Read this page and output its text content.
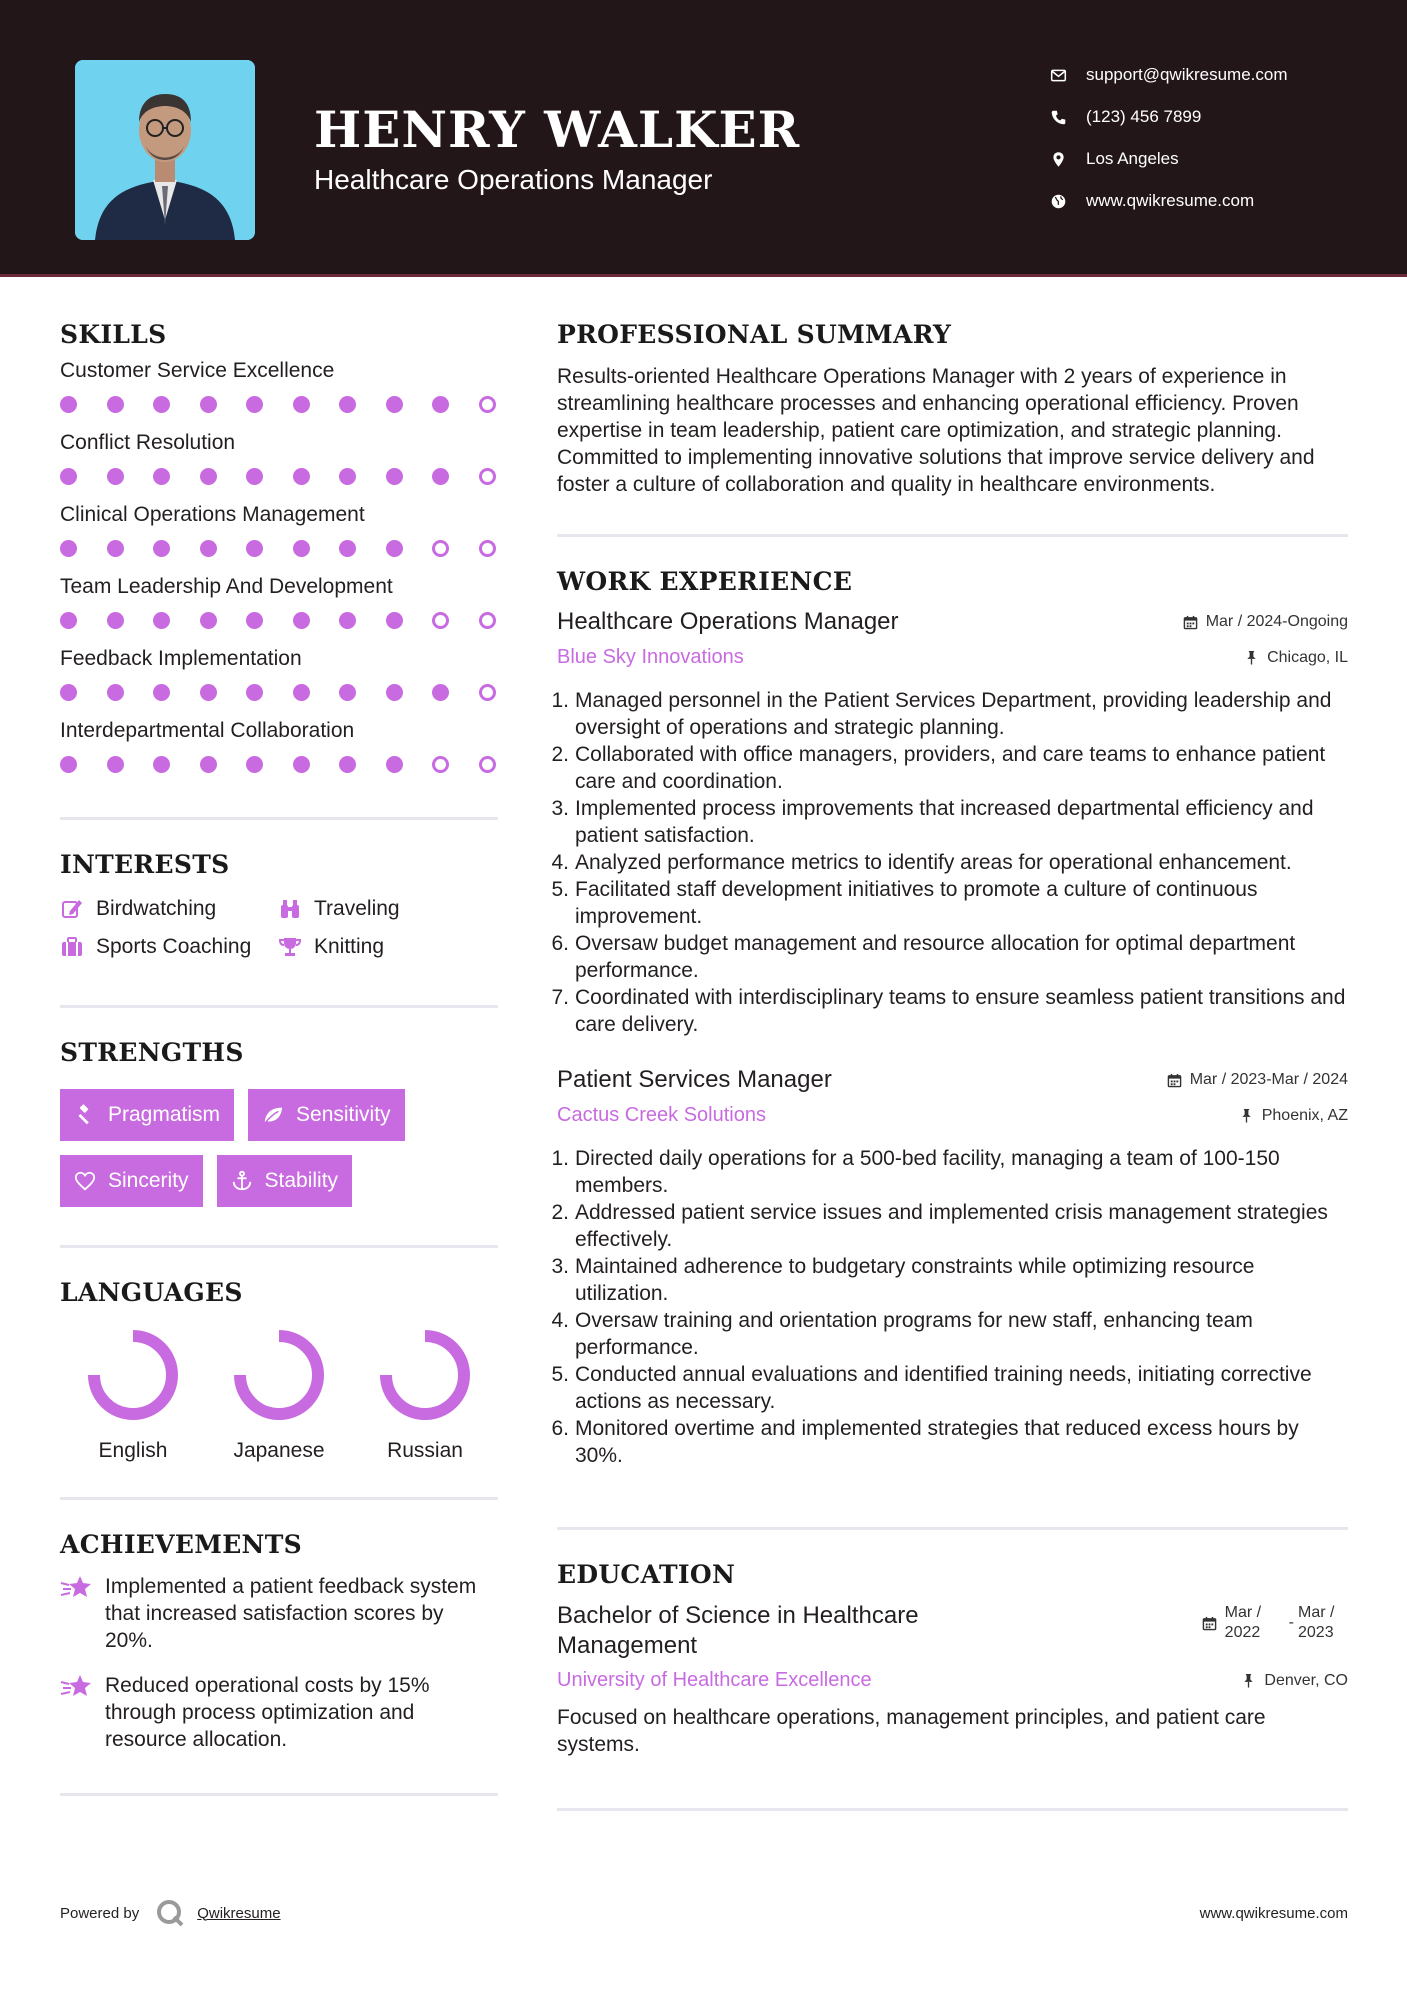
HENRY WALKER
Healthcare Operations Manager
support@qwikresume.com
(123) 456 7899
Los Angeles
www.qwikresume.com
SKILLS
Customer Service Excellence
Conflict Resolution
Clinical Operations Management
Team Leadership And Development
Feedback Implementation
Interdepartmental Collaboration
INTERESTS
Birdwatching	Traveling
Sports Coaching	Knitting
STRENGTHS
Pragmatism	Sensitivity
Sincerity	Stability
LANGUAGES
English	Japanese	Russian
ACHIEVEMENTS
Implemented a patient feedback system that increased satisfaction scores by 20%.
Reduced operational costs by 15% through process optimization and resource allocation.
PROFESSIONAL SUMMARY
Results-oriented Healthcare Operations Manager with 2 years of experience in streamlining healthcare processes and enhancing operational efficiency. Proven expertise in team leadership, patient care optimization, and strategic planning. Committed to implementing innovative solutions that improve service delivery and foster a culture of collaboration and quality in healthcare environments.
WORK EXPERIENCE
Healthcare Operations Manager	Mar / 2024-Ongoing
Blue Sky Innovations	Chicago, IL
1. Managed personnel in the Patient Services Department, providing leadership and oversight of operations and strategic planning.
2. Collaborated with office managers, providers, and care teams to enhance patient care and coordination.
3. Implemented process improvements that increased departmental efficiency and patient satisfaction.
4. Analyzed performance metrics to identify areas for operational enhancement.
5. Facilitated staff development initiatives to promote a culture of continuous improvement.
6. Oversaw budget management and resource allocation for optimal department performance.
7. Coordinated with interdisciplinary teams to ensure seamless patient transitions and care delivery.
Patient Services Manager	Mar / 2023-Mar / 2024
Cactus Creek Solutions	Phoenix, AZ
1. Directed daily operations for a 500-bed facility, managing a team of 100-150 members.
2. Addressed patient service issues and implemented crisis management strategies effectively.
3. Maintained adherence to budgetary constraints while optimizing resource utilization.
4. Oversaw training and orientation programs for new staff, enhancing team performance.
5. Conducted annual evaluations and identified training needs, initiating corrective actions as necessary.
6. Monitored overtime and implemented strategies that reduced excess hours by 30%.
EDUCATION
Bachelor of Science in Healthcare Management
Mar / 2022
-
Mar / 2023
University of Healthcare Excellence	Denver, CO
Focused on healthcare operations, management principles, and patient care systems.
Powered by	Qwikresume	www.qwikresume.com
